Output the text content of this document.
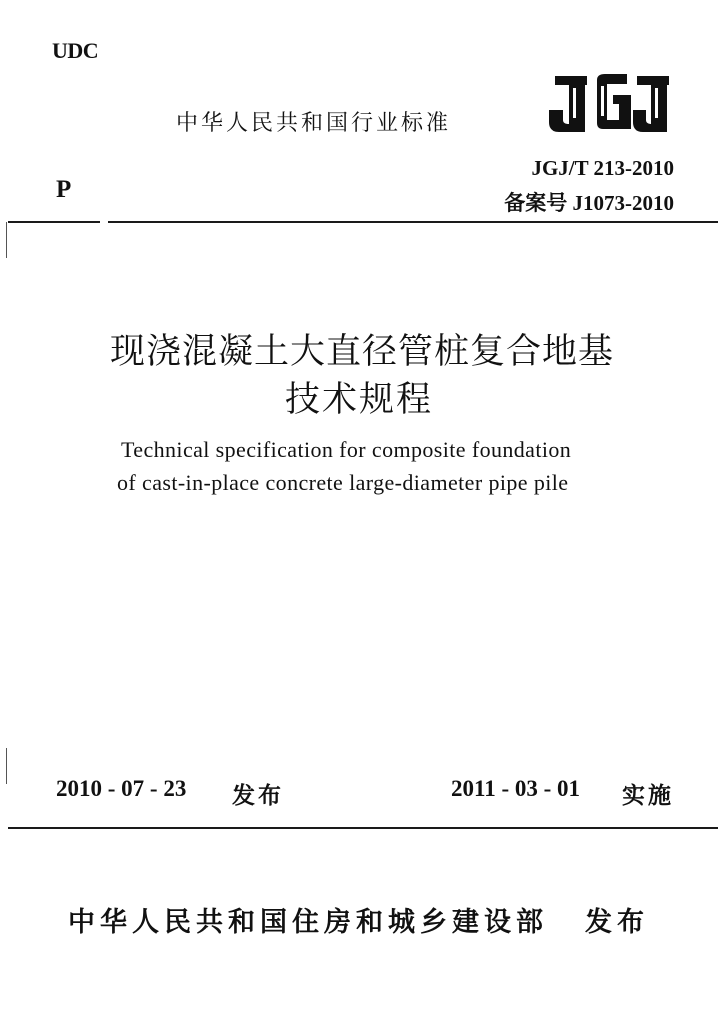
UDC
中华人民共和国行业标准
JGJ/T 213-2010
备案号 J1073-2010
P
现浇混凝土大直径管桩复合地基
技术规程
Technical specification for composite foundation
of cast-in-place concrete large-diameter pipe pile
2010 - 07 - 23 发布	2011 - 03 - 01 实施
中华人民共和国住房和城乡建设部 发布
